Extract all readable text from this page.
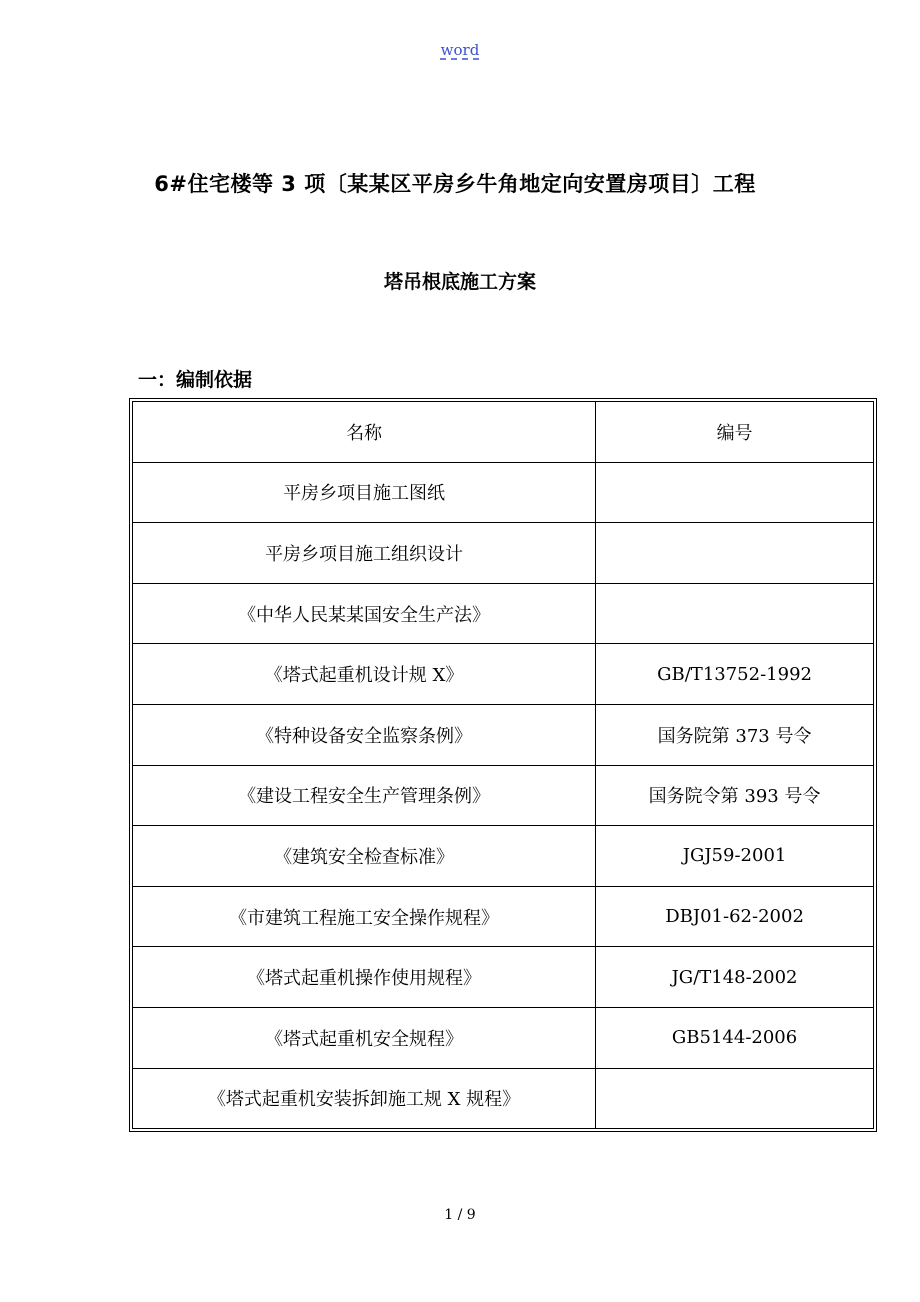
word
6#住宅楼等 3 项〔某某区平房乡牛角地定向安置房项目〕工程
塔吊根底施工方案
一：编制依据
名称	编号
平房乡项目施工图纸	
平房乡项目施工组织设计	
《中华人民某某国安全生产法》	
《塔式起重机设计规 X》	GB/T13752-1992
《特种设备安全监察条例》	国务院第 373 号令
《建设工程安全生产管理条例》	国务院令第 393 号令
《建筑安全检查标准》	JGJ59-2001
《市建筑工程施工安全操作规程》	DBJ01-62-2002
《塔式起重机操作使用规程》	JG/T148-2002
《塔式起重机安全规程》	GB5144-2006
《塔式起重机安装拆卸施工规 X 规程》	
1 / 9
